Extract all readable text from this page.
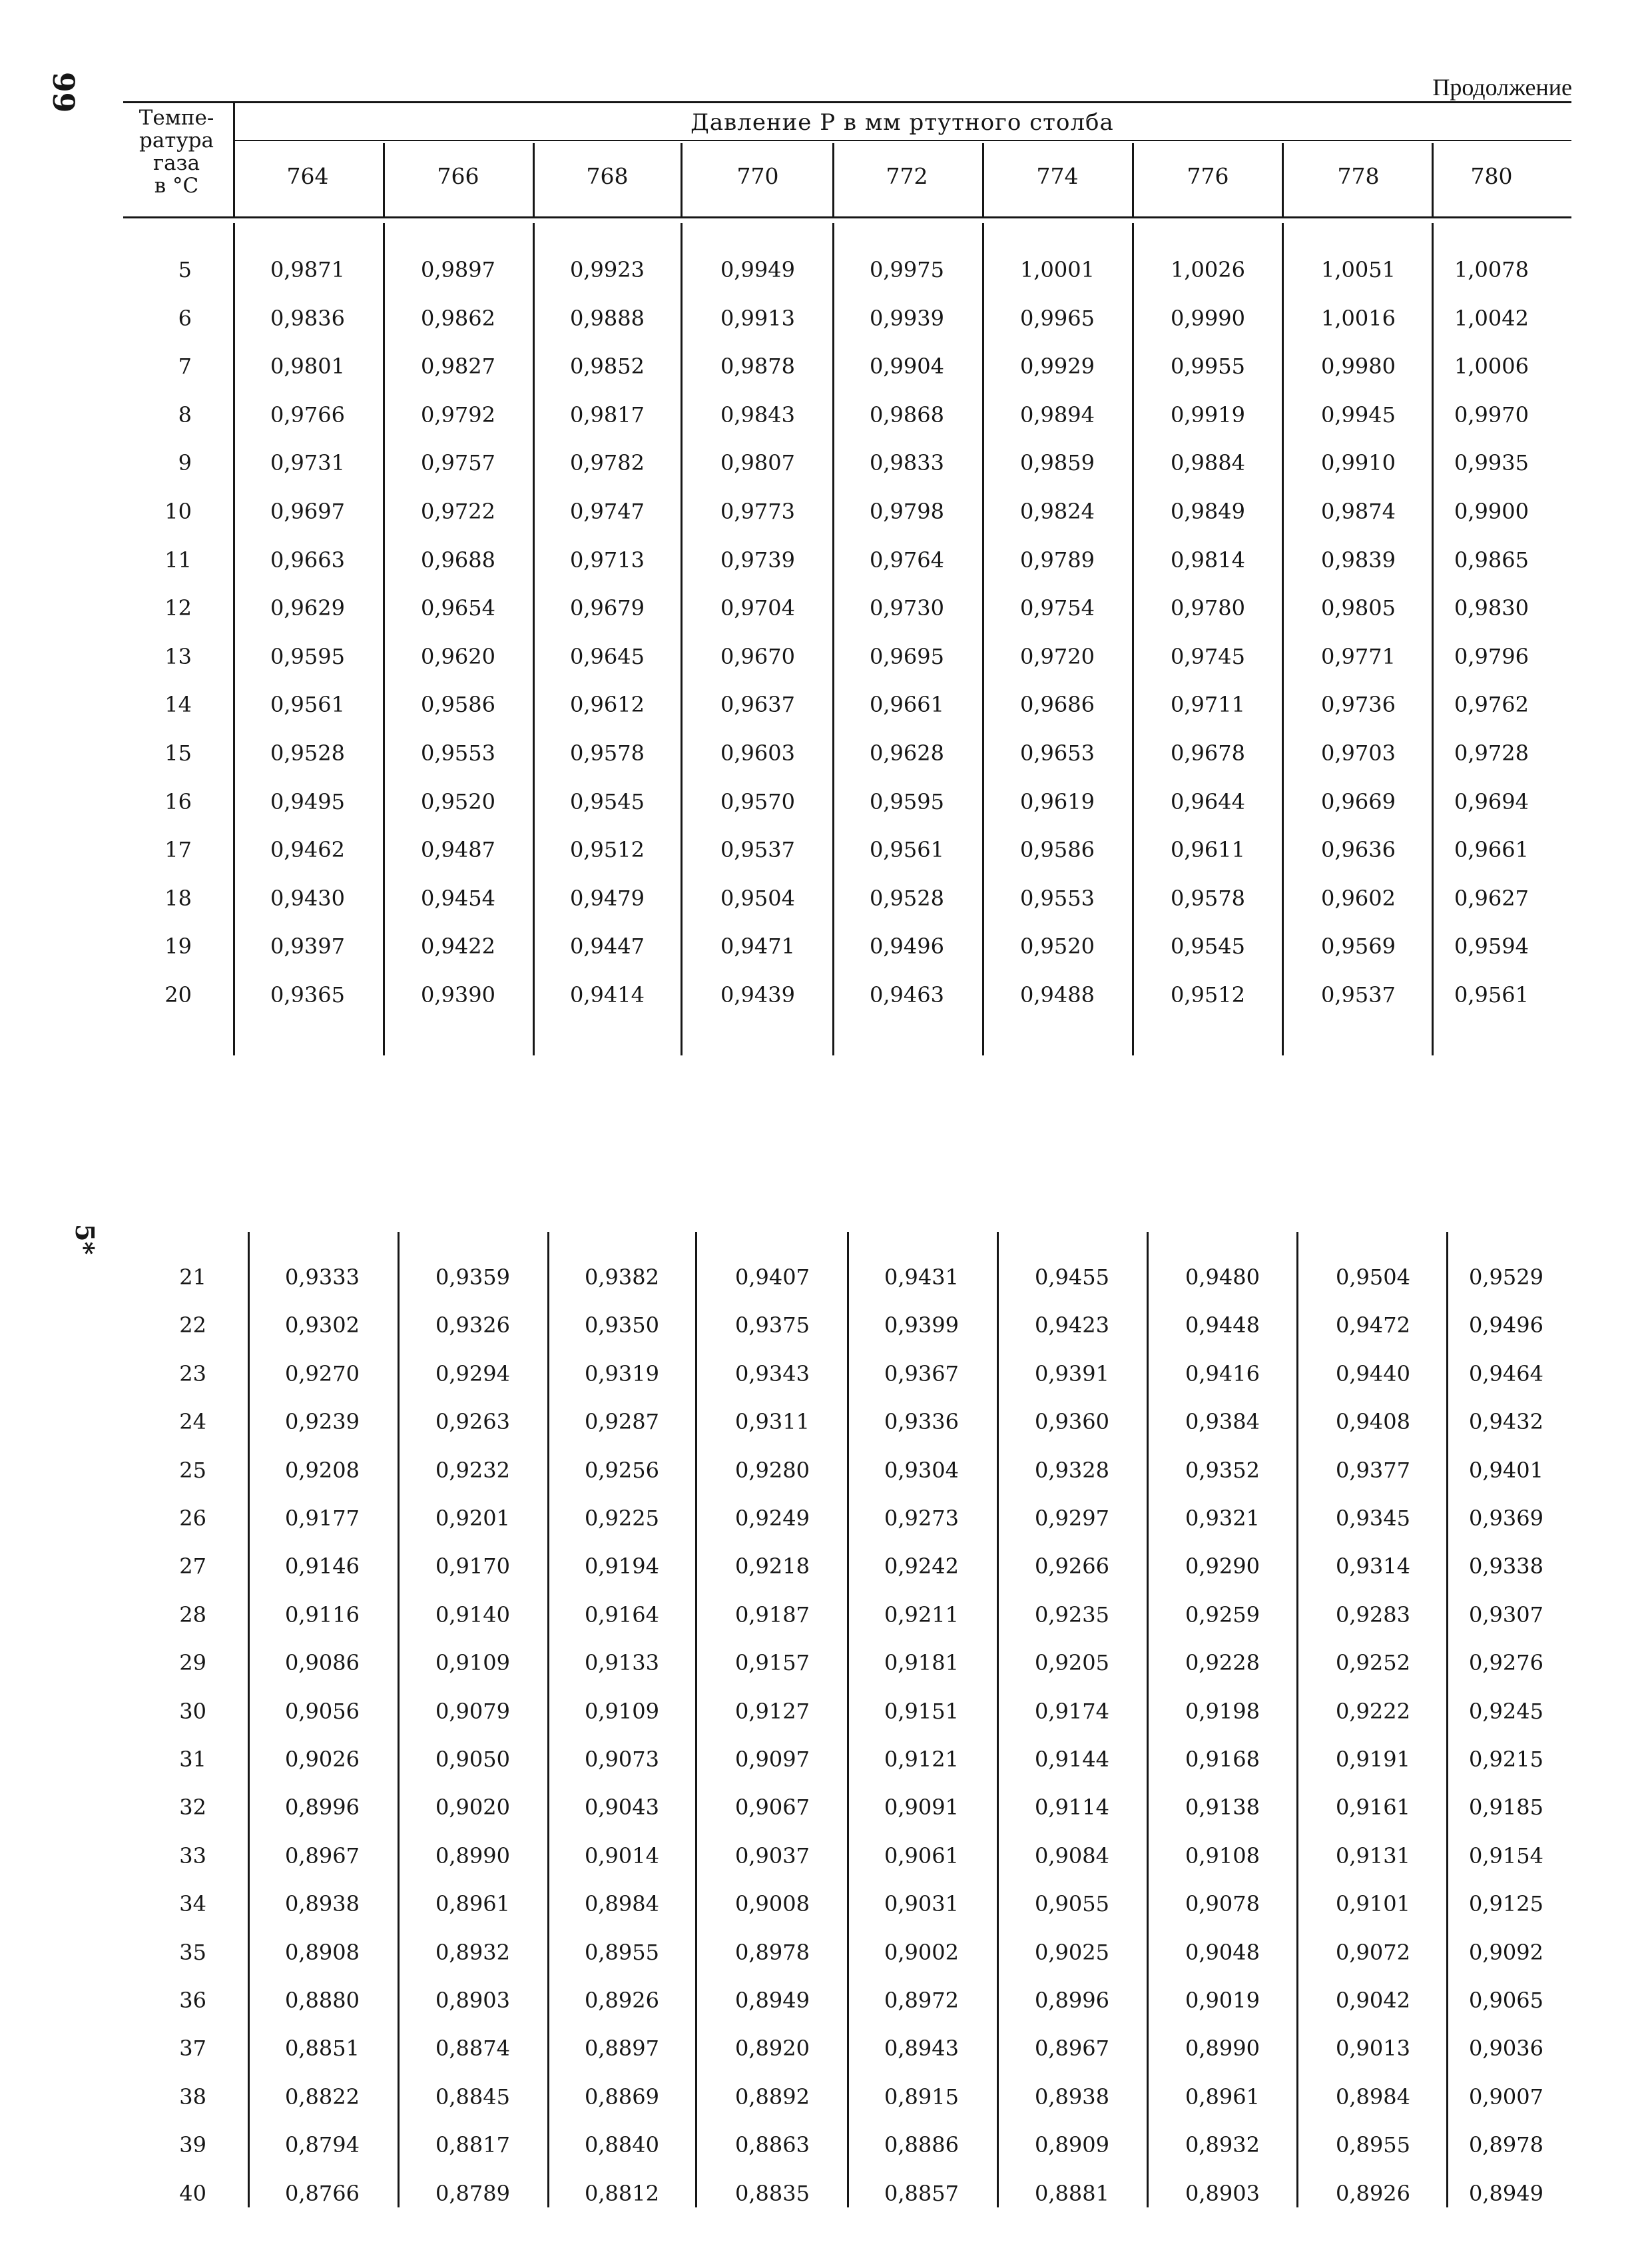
99	Продолжение
5*
Темпе-
ратура
газа
в °С
Давление P в мм ртутного столба
764	766	768	770	772	774	776	778	780
5	0,9871	0,9897	0,9923	0,9949	0,9975	1,0001	1,0026	1,0051	1,0078
6	0,9836	0,9862	0,9888	0,9913	0,9939	0,9965	0,9990	1,0016	1,0042
7	0,9801	0,9827	0,9852	0,9878	0,9904	0,9929	0,9955	0,9980	1,0006
8	0,9766	0,9792	0,9817	0,9843	0,9868	0,9894	0,9919	0,9945	0,9970
9	0,9731	0,9757	0,9782	0,9807	0,9833	0,9859	0,9884	0,9910	0,9935
10	0,9697	0,9722	0,9747	0,9773	0,9798	0,9824	0,9849	0,9874	0,9900
11	0,9663	0,9688	0,9713	0,9739	0,9764	0,9789	0,9814	0,9839	0,9865
12	0,9629	0,9654	0,9679	0,9704	0,9730	0,9754	0,9780	0,9805	0,9830
13	0,9595	0,9620	0,9645	0,9670	0,9695	0,9720	0,9745	0,9771	0,9796
14	0,9561	0,9586	0,9612	0,9637	0,9661	0,9686	0,9711	0,9736	0,9762
15	0,9528	0,9553	0,9578	0,9603	0,9628	0,9653	0,9678	0,9703	0,9728
16	0,9495	0,9520	0,9545	0,9570	0,9595	0,9619	0,9644	0,9669	0,9694
17	0,9462	0,9487	0,9512	0,9537	0,9561	0,9586	0,9611	0,9636	0,9661
18	0,9430	0,9454	0,9479	0,9504	0,9528	0,9553	0,9578	0,9602	0,9627
19	0,9397	0,9422	0,9447	0,9471	0,9496	0,9520	0,9545	0,9569	0,9594
20	0,9365	0,9390	0,9414	0,9439	0,9463	0,9488	0,9512	0,9537	0,9561
21	0,9333	0,9359	0,9382	0,9407	0,9431	0,9455	0,9480	0,9504	0,9529
22	0,9302	0,9326	0,9350	0,9375	0,9399	0,9423	0,9448	0,9472	0,9496
23	0,9270	0,9294	0,9319	0,9343	0,9367	0,9391	0,9416	0,9440	0,9464
24	0,9239	0,9263	0,9287	0,9311	0,9336	0,9360	0,9384	0,9408	0,9432
25	0,9208	0,9232	0,9256	0,9280	0,9304	0,9328	0,9352	0,9377	0,9401
26	0,9177	0,9201	0,9225	0,9249	0,9273	0,9297	0,9321	0,9345	0,9369
27	0,9146	0,9170	0,9194	0,9218	0,9242	0,9266	0,9290	0,9314	0,9338
28	0,9116	0,9140	0,9164	0,9187	0,9211	0,9235	0,9259	0,9283	0,9307
29	0,9086	0,9109	0,9133	0,9157	0,9181	0,9205	0,9228	0,9252	0,9276
30	0,9056	0,9079	0,9109	0,9127	0,9151	0,9174	0,9198	0,9222	0,9245
31	0,9026	0,9050	0,9073	0,9097	0,9121	0,9144	0,9168	0,9191	0,9215
32	0,8996	0,9020	0,9043	0,9067	0,9091	0,9114	0,9138	0,9161	0,9185
33	0,8967	0,8990	0,9014	0,9037	0,9061	0,9084	0,9108	0,9131	0,9154
34	0,8938	0,8961	0,8984	0,9008	0,9031	0,9055	0,9078	0,9101	0,9125
35	0,8908	0,8932	0,8955	0,8978	0,9002	0,9025	0,9048	0,9072	0,9092
36	0,8880	0,8903	0,8926	0,8949	0,8972	0,8996	0,9019	0,9042	0,9065
37	0,8851	0,8874	0,8897	0,8920	0,8943	0,8967	0,8990	0,9013	0,9036
38	0,8822	0,8845	0,8869	0,8892	0,8915	0,8938	0,8961	0,8984	0,9007
39	0,8794	0,8817	0,8840	0,8863	0,8886	0,8909	0,8932	0,8955	0,8978
40	0,8766	0,8789	0,8812	0,8835	0,8857	0,8881	0,8903	0,8926	0,8949
